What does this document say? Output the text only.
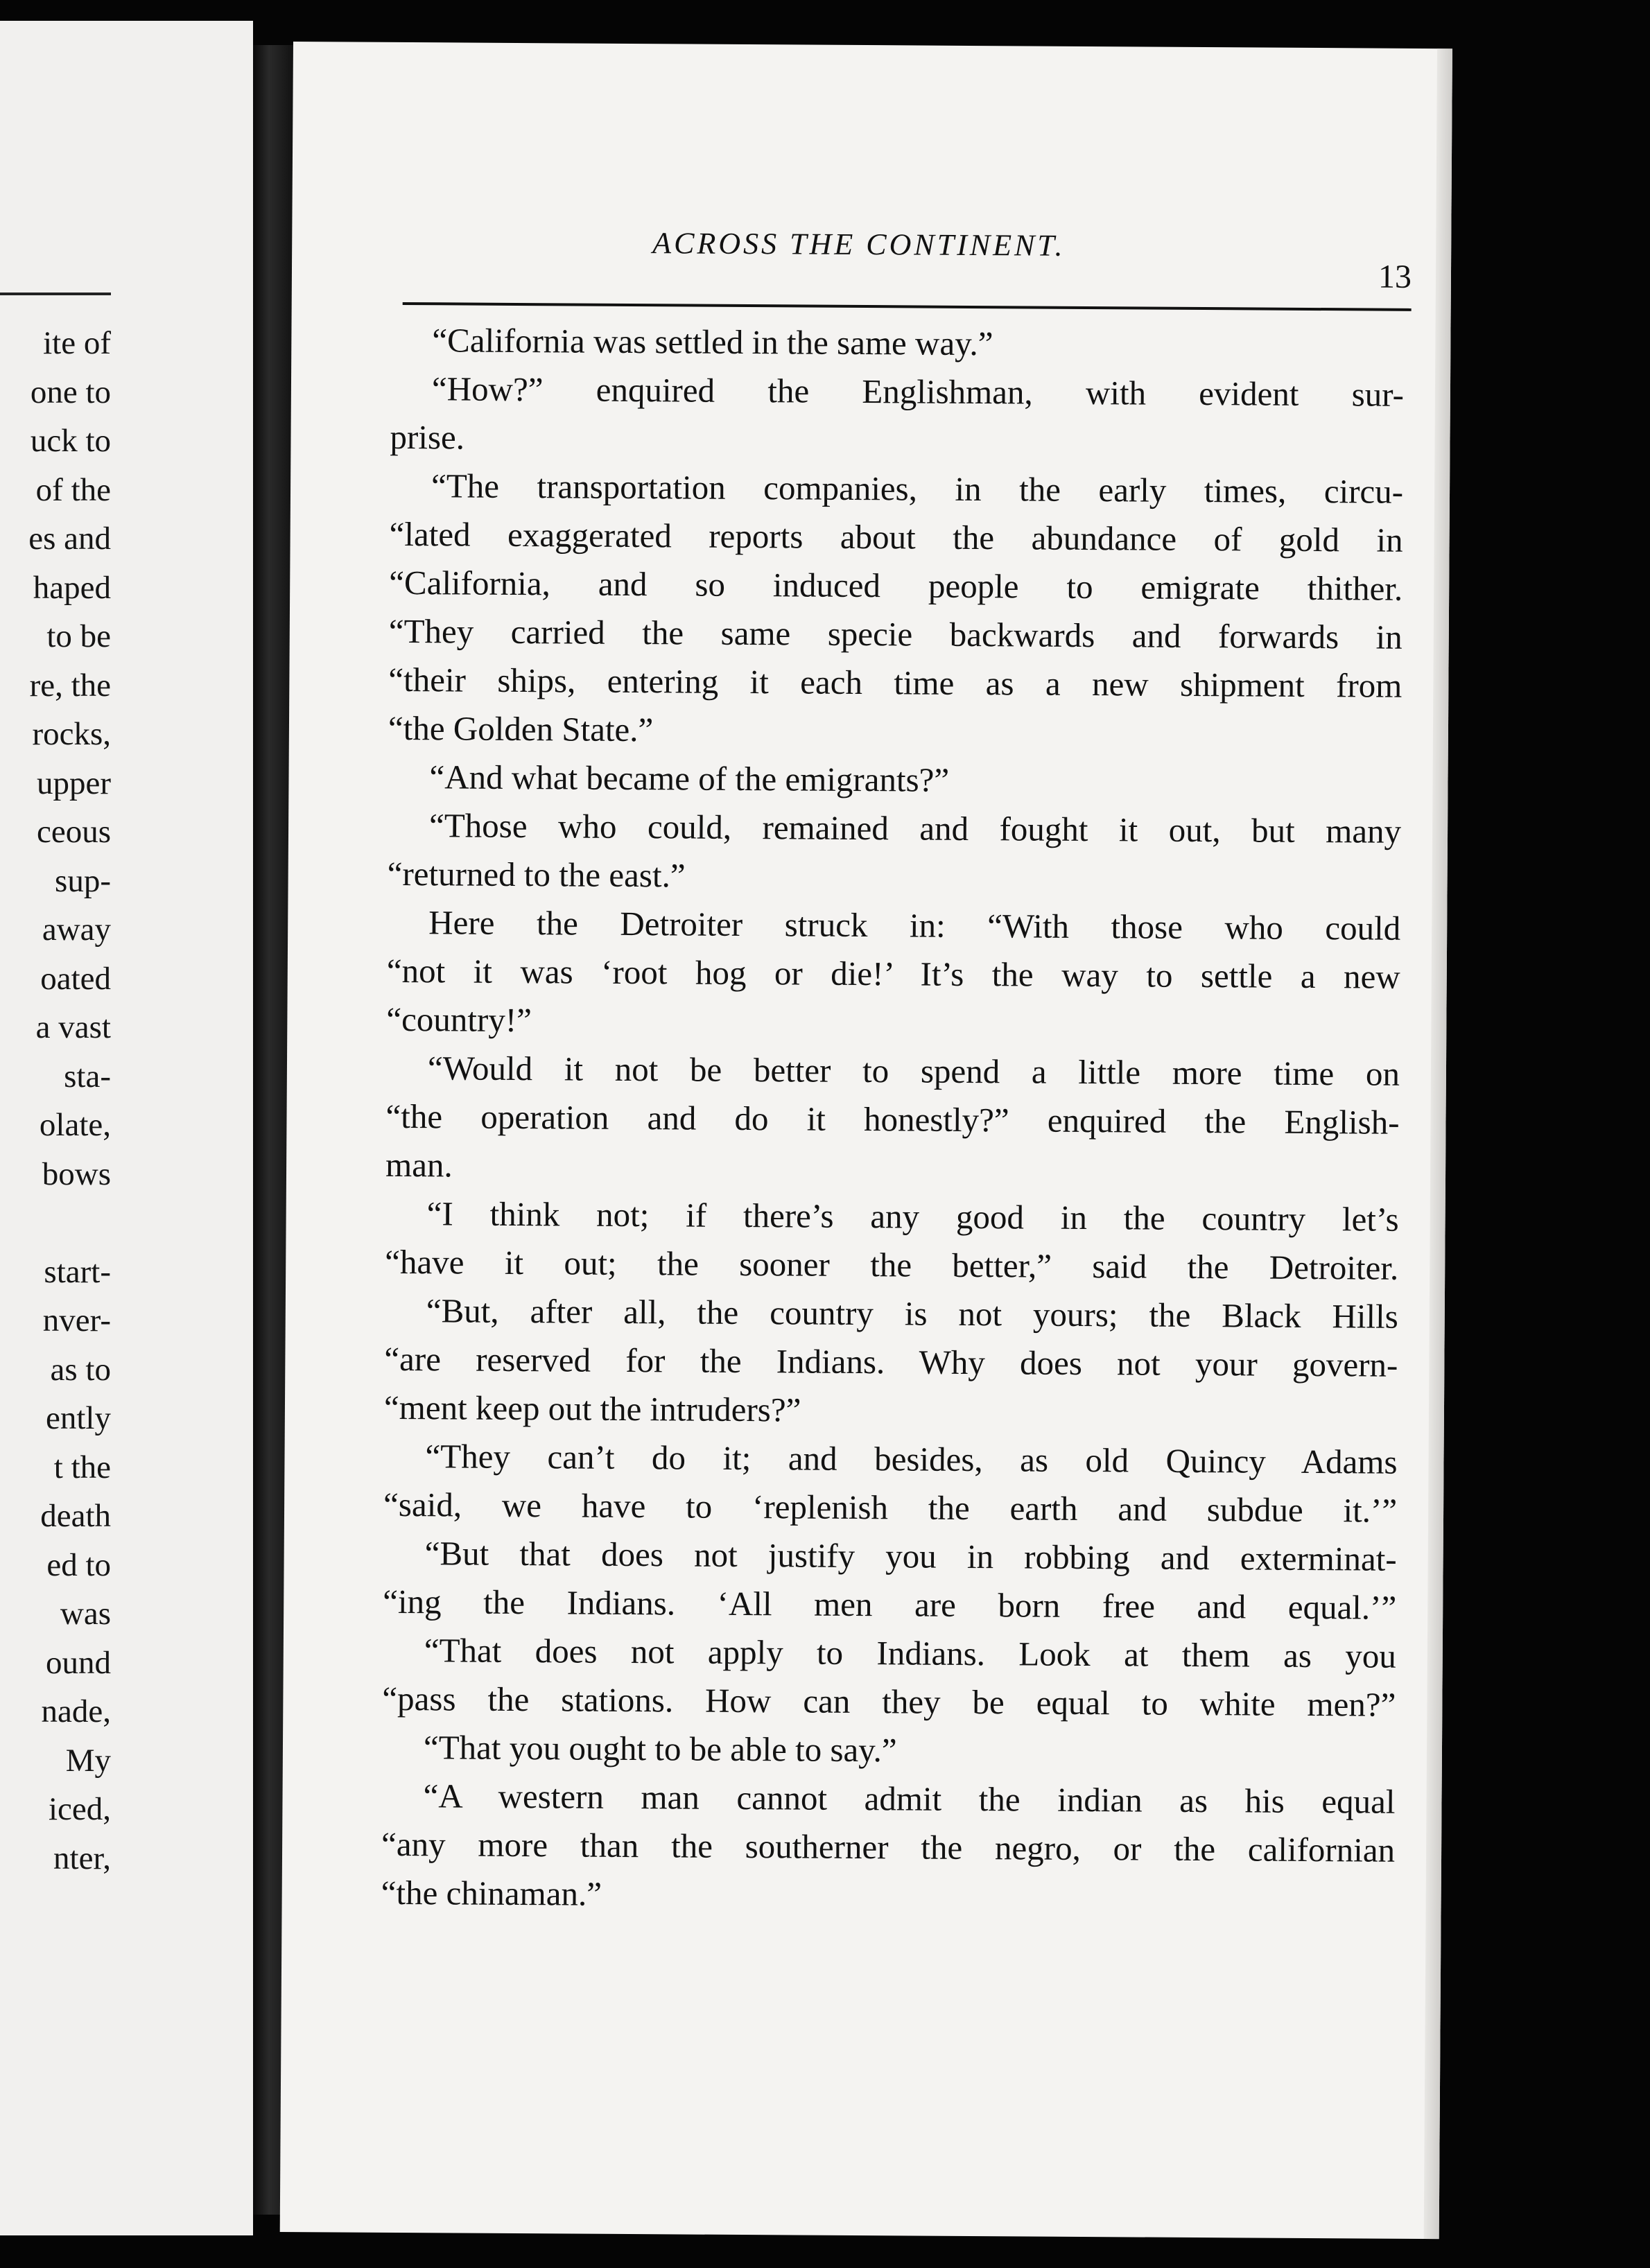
ite of
one to
uck to
of the
es and
haped
to be
re, the
rocks,
upper
ceous
sup-
away
oated
a vast
sta-
olate,
bows

start-
nver-
as to
ently
t the
death
ed to
was
ound
nade,
My
iced,
nter,
ACROSS THE CONTINENT.
13
“California was settled in the same way.”
“How?” enquired the Englishman, with evident sur-
prise.
“The transportation companies, in the early times, circu-
“lated exaggerated reports about the abundance of gold in
“California, and so induced people to emigrate thither.
“They carried the same specie backwards and forwards in
“their ships, entering it each time as a new shipment from
“the Golden State.”
“And what became of the emigrants?”
“Those who could, remained and fought it out, but many
“returned to the east.”
Here the Detroiter struck in: “With those who could
“not it was ‘root hog or die!’ It’s the way to settle a new
“country!”
“Would it not be better to spend a little more time on
“the operation and do it honestly?” enquired the English-
man.
“I think not; if there’s any good in the country let’s
“have it out; the sooner the better,” said the Detroiter.
“But, after all, the country is not yours; the Black Hills
“are reserved for the Indians. Why does not your govern-
“ment keep out the intruders?”
“They can’t do it; and besides, as old Quincy Adams
“said, we have to ‘replenish the earth and subdue it.’”
“But that does not justify you in robbing and exterminat-
“ing the Indians. ‘All men are born free and equal.’”
“That does not apply to Indians. Look at them as you
“pass the stations. How can they be equal to white men?”
“That you ought to be able to say.”
“A western man cannot admit the indian as his equal
“any more than the southerner the negro, or the californian
“the chinaman.”
